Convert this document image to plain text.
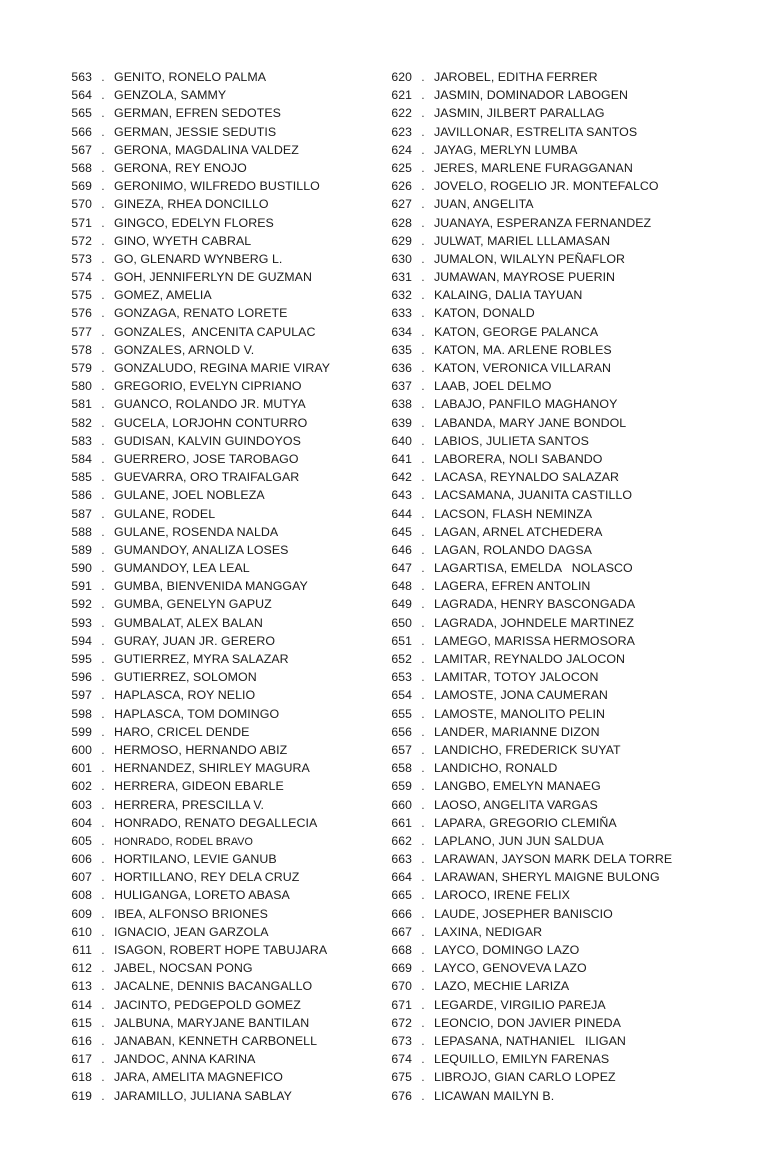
563 . GENITO, RONELO PALMA
564 . GENZOLA, SAMMY
565 . GERMAN, EFREN SEDOTES
566 . GERMAN, JESSIE SEDUTIS
567 . GERONA, MAGDALINA VALDEZ
568 . GERONA, REY ENOJO
569 . GERONIMO, WILFREDO BUSTILLO
570 . GINEZA, RHEA DONCILLO
571 . GINGCO, EDELYN FLORES
572 . GINO, WYETH CABRAL
573 . GO, GLENARD WYNBERG L.
574 . GOH, JENNIFERLYN DE GUZMAN
575 . GOMEZ, AMELIA
576 . GONZAGA, RENATO LORETE
577 . GONZALES,  ANCENITA CAPULAC
578 . GONZALES, ARNOLD V.
579 . GONZALUDO, REGINA MARIE VIRAY
580 . GREGORIO, EVELYN CIPRIANO
581 . GUANCO, ROLANDO JR. MUTYA
582 . GUCELA, LORJOHN CONTURRO
583 . GUDISAN, KALVIN GUINDOYOS
584 . GUERRERO, JOSE TAROBAGO
585 . GUEVARRA, ORO TRAIFALGAR
586 . GULANE, JOEL NOBLEZA
587 . GULANE, RODEL
588 . GULANE, ROSENDA NALDA
589 . GUMANDOY, ANALIZA LOSES
590 . GUMANDOY, LEA LEAL
591 . GUMBA, BIENVENIDA MANGGAY
592 . GUMBA, GENELYN GAPUZ
593 . GUMBALAT, ALEX BALAN
594 . GURAY, JUAN JR. GERERO
595 . GUTIERREZ, MYRA SALAZAR
596 . GUTIERREZ, SOLOMON
597 . HAPLASCA, ROY NELIO
598 . HAPLASCA, TOM DOMINGO
599 . HARO, CRICEL DENDE
600 . HERMOSO, HERNANDO ABIZ
601 . HERNANDEZ, SHIRLEY MAGURA
602 . HERRERA, GIDEON EBARLE
603 . HERRERA, PRESCILLA V.
604 . HONRADO, RENATO DEGALLECIA
605 . HONRADO, RODEL BRAVO
606 . HORTILANO, LEVIE GANUB
607 . HORTILLANO, REY DELA CRUZ
608 . HULIGANGA, LORETO ABASA
609 . IBEA, ALFONSO BRIONES
610 . IGNACIO, JEAN GARZOLA
611 . ISAGON, ROBERT HOPE TABUJARA
612 . JABEL, NOCSAN PONG
613 . JACALNE, DENNIS BACANGALLO
614 . JACINTO, PEDGEPOLD GOMEZ
615 . JALBUNA, MARYJANE BANTILAN
616 . JANABAN, KENNETH CARBONELL
617 . JANDOC, ANNA KARINA
618 . JARA, AMELITA MAGNEFICO
619 . JARAMILLO, JULIANA SABLAY
620 . JAROBEL, EDITHA FERRER
621 . JASMIN, DOMINADOR LABOGEN
622 . JASMIN, JILBERT PARALLAG
623 . JAVILLONAR, ESTRELITA SANTOS
624 . JAYAG, MERLYN LUMBA
625 . JERES, MARLENE FURAGGANAN
626 . JOVELO, ROGELIO JR. MONTEFALCO
627 . JUAN, ANGELITA
628 . JUANAYA, ESPERANZA FERNANDEZ
629 . JULWAT, MARIEL LLLAMASAN
630 . JUMALON, WILALYN PEÑAFLOR
631 . JUMAWAN, MAYROSE PUERIN
632 . KALAING, DALIA TAYUAN
633 . KATON, DONALD
634 . KATON, GEORGE PALANCA
635 . KATON, MA. ARLENE ROBLES
636 . KATON, VERONICA VILLARAN
637 . LAAB, JOEL DELMO
638 . LABAJO, PANFILO MAGHANOY
639 . LABANDA, MARY JANE BONDOL
640 . LABIOS, JULIETA SANTOS
641 . LABORERA, NOLI SABANDO
642 . LACASA, REYNALDO SALAZAR
643 . LACSAMANA, JUANITA CASTILLO
644 . LACSON, FLASH NEMINZA
645 . LAGAN, ARNEL ATCHEDERA
646 . LAGAN, ROLANDO DAGSA
647 . LAGARTISA, EMELDA   NOLASCO
648 . LAGERA, EFREN ANTOLIN
649 . LAGRADA, HENRY BASCONGADA
650 . LAGRADA, JOHNDELE MARTINEZ
651 . LAMEGO, MARISSA HERMOSORA
652 . LAMITAR, REYNALDO JALOCON
653 . LAMITAR, TOTOY JALOCON
654 . LAMOSTE, JONA CAUMERAN
655 . LAMOSTE, MANOLITO PELIN
656 . LANDER, MARIANNE DIZON
657 . LANDICHO, FREDERICK SUYAT
658 . LANDICHO, RONALD
659 . LANGBO, EMELYN MANAEG
660 . LAOSO, ANGELITA VARGAS
661 . LAPARA, GREGORIO CLEMIÑA
662 . LAPLANO, JUN JUN SALDUA
663 . LARAWAN, JAYSON MARK DELA TORRE
664 . LARAWAN, SHERYL MAIGNE BULONG
665 . LAROCO, IRENE FELIX
666 . LAUDE, JOSEPHER BANISCIO
667 . LAXINA, NEDIGAR
668 . LAYCO, DOMINGO LAZO
669 . LAYCO, GENOVEVA LAZO
670 . LAZO, MECHIE LARIZA
671 . LEGARDE, VIRGILIO PAREJA
672 . LEONCIO, DON JAVIER PINEDA
673 . LEPASANA, NATHANIEL   ILIGAN
674 . LEQUILLO, EMILYN FARENAS
675 . LIBROJO, GIAN CARLO LOPEZ
676 . LICAWAN MAILYN B.
